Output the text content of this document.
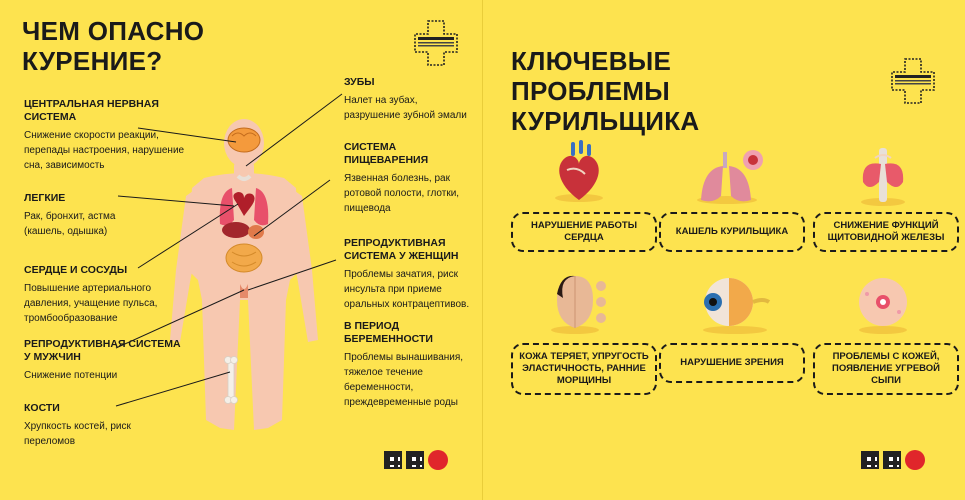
ЧЕМ ОПАСНО КУРЕНИЕ?
ЦЕНТРАЛЬНАЯ НЕРВНАЯ СИСТЕМА

Снижение скорости реакции, перепады настроения, нарушение сна, зависимость

ЛЕГКИЕ

Рак, бронхит, астма (кашель, одышка)

СЕРДЦЕ И СОСУДЫ

Повышение артериального давления, учащение пульса, тромбообразование

РЕПРОДУКТИВНАЯ СИСТЕМА У МУЖЧИН

Снижение потенции

КОСТИ

Хрупкость костей, риск переломов

ЗУБЫ

Налет на зубах, разрушение зубной эмали

СИСТЕМА ПИЩЕВАРЕНИЯ

Язвенная болезнь, рак ротовой полости, глотки, пищевода

РЕПРОДУКТИВНАЯ СИСТЕМА У ЖЕНЩИН

Проблемы зачатия, риск инсульта при приеме оральных контрацептивов.

В ПЕРИОД БЕРЕМЕННОСТИ

Проблемы вынашивания, тяжелое течение беременности, преждевременные роды

КЛЮЧЕВЫЕ ПРОБЛЕМЫ КУРИЛЬЩИКА
НАРУШЕНИЕ РАБОТЫ СЕРДЦА
КАШЕЛЬ КУРИЛЬЩИКА
СНИЖЕНИЕ ФУНКЦИЙ ЩИТОВИДНОЙ ЖЕЛЕЗЫ
КОЖА ТЕРЯЕТ, УПРУГОСТЬ ЭЛАСТИЧНОСТЬ, РАННИЕ МОРЩИНЫ
НАРУШЕНИЕ ЗРЕНИЯ
ПРОБЛЕМЫ С КОЖЕЙ, ПОЯВЛЕНИЕ УГРЕВОЙ СЫПИ
